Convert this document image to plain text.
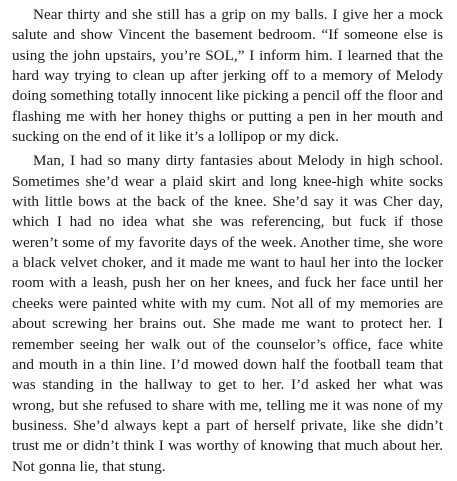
Near thirty and she still has a grip on my balls. I give her a mock salute and show Vincent the basement bedroom. “If someone else is using the john upstairs, you’re SOL,” I inform him. I learned that the hard way trying to clean up after jerking off to a memory of Melody doing something totally innocent like picking a pencil off the floor and flashing me with her honey thighs or putting a pen in her mouth and sucking on the end of it like it’s a lollipop or my dick.

Man, I had so many dirty fantasies about Melody in high school. Sometimes she’d wear a plaid skirt and long knee-high white socks with little bows at the back of the knee. She’d say it was Cher day, which I had no idea what she was referencing, but fuck if those weren’t some of my favorite days of the week. Another time, she wore a black velvet choker, and it made me want to haul her into the locker room with a leash, push her on her knees, and fuck her face until her cheeks were painted white with my cum. Not all of my memories are about screwing her brains out. She made me want to protect her. I remember seeing her walk out of the counselor’s office, face white and mouth in a thin line. I’d mowed down half the football team that was standing in the hallway to get to her. I’d asked her what was wrong, but she refused to share with me, telling me it was none of my business. She’d always kept a part of herself private, like she didn’t trust me or didn’t think I was worthy of knowing that much about her. Not gonna lie, that stung.
